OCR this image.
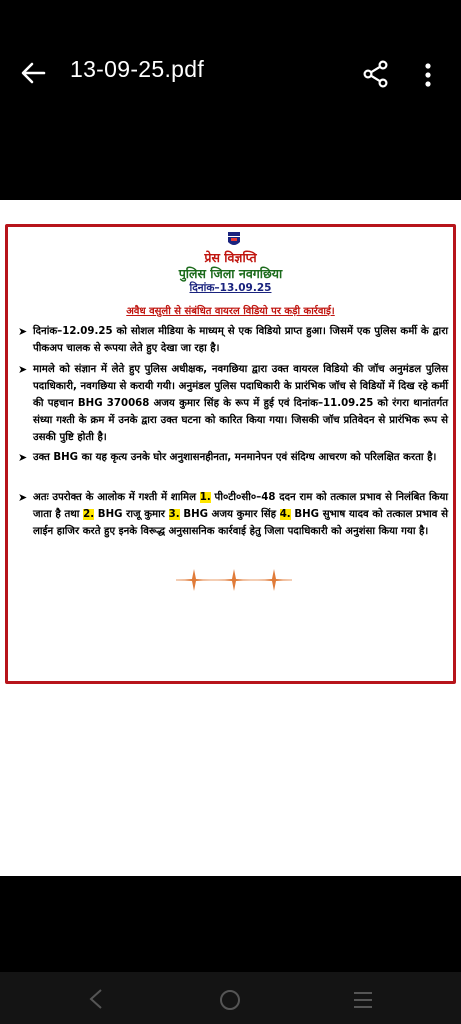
13-09-25.pdf
प्रेस विज्ञप्ति
पुलिस जिला नवगछिया
दिनांक–13.09.25
अवैध वसुली से संबंधित वायरल विडियो पर कड़ी कार्रवाई।
➤ दिनांक–12.09.25 को सोशल मीडिया के माध्यम् से एक विडियो प्राप्त हुआ। जिसमें एक पुलिस कर्मी के द्वारा पीकअप चालक से रूपया लेते हुए देखा जा रहा है।
➤ मामले को संज्ञान में लेते हुए पुलिस अधीक्षक, नवगछिया द्वारा उक्त वायरल विडियो की जॉच अनुमंडल पुलिस पदाधिकारी, नवगछिया से करायी गयी। अनुमंडल पुलिस पदाधिकारी के प्रारंभिक जॉच से विडियों में दिख रहे कर्मी की पहचान BHG 370068 अजय कुमार सिंह के रूप में हुई एवं दिनांक–11.09.25 को रंगरा थानांतर्गत संध्या गश्ती के क्रम में उनके द्वारा उक्त घटना को कारित किया गया। जिसकी जॉच प्रतिवेदन से प्रारंभिक रूप से उसकी पुष्टि होती है।
➤ उक्त BHG का यह कृत्य उनके घोर अनुशासनहीनता, मनमानेपन एवं संदिग्ध आचरण को परिलक्षित करता है।
➤ अतः उपरोक्त के आलोक में गश्ती में शामिल 1. पी०टी०सी०–48 ददन राम को तत्काल प्रभाव से निलंबित किया जाता है तथा 2. BHG राजू कुमार 3. BHG अजय कुमार सिंह 4. BHG सुभाष यादव को तत्काल प्रभाव से लाईन हाजिर करते हुए इनके विरूद्ध अनुसासनिक कार्रवाई हेतु जिला पदाधिकारी को अनुशंसा किया गया है।
